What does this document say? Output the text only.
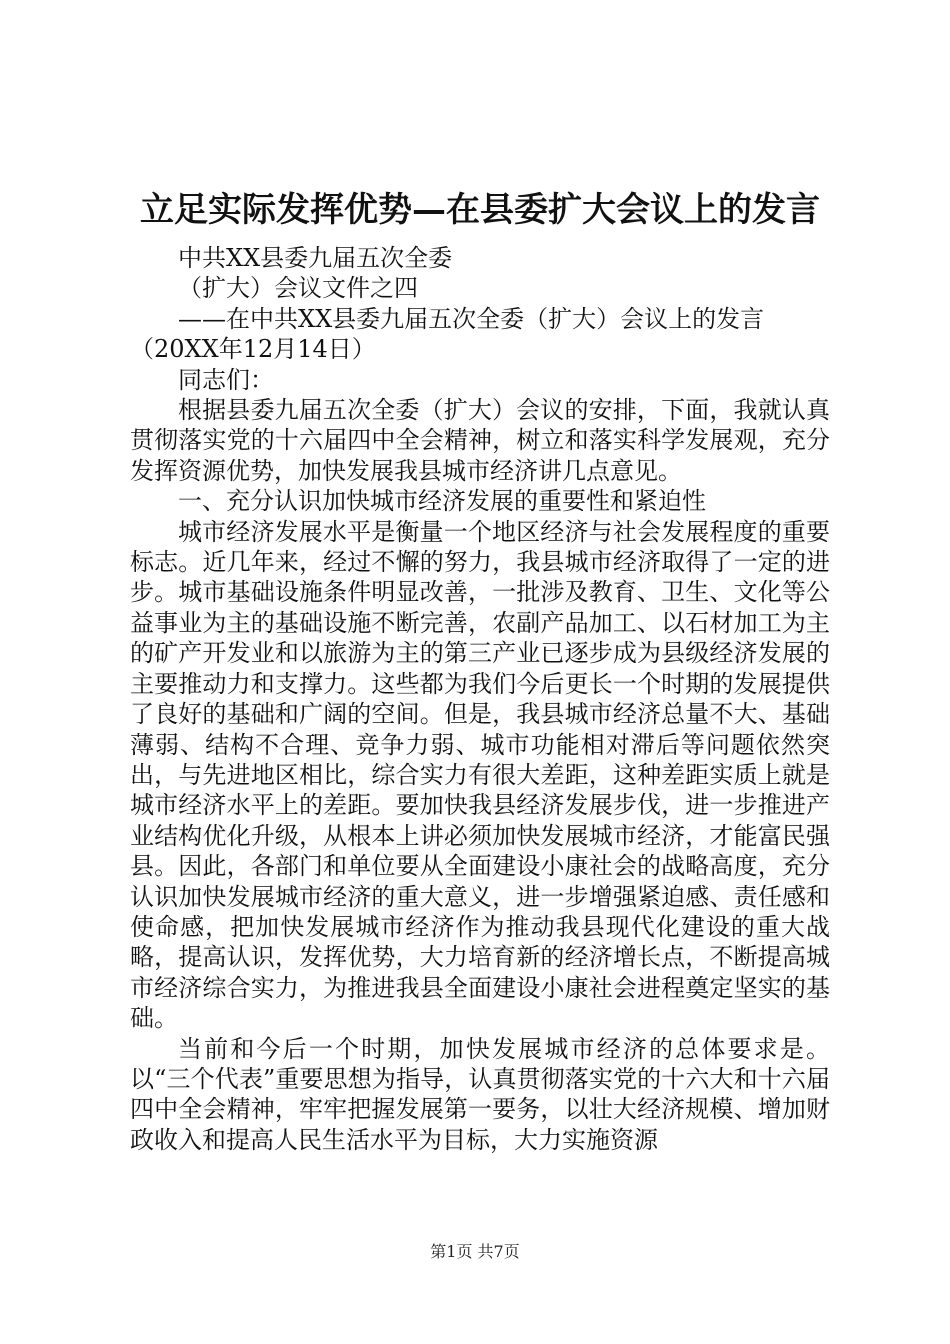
立足实际发挥优势—在县委扩大会议上的发言

中共XX县委九届五次全委

（扩大）会议文件之四

——在中共XX县委九届五次全委（扩大）会议上的发言

（20XX年12月14日）

同志们：

根据县委九届五次全委（扩大）会议的安排，下面，我就认真贯彻落实党的十六届四中全会精神，树立和落实科学发展观，充分发挥资源优势，加快发展我县城市经济讲几点意见。

一、充分认识加快城市经济发展的重要性和紧迫性

城市经济发展水平是衡量一个地区经济与社会发展程度的重要标志。近几年来，经过不懈的努力，我县城市经济取得了一定的进步。城市基础设施条件明显改善，一批涉及教育、卫生、文化等公益事业为主的基础设施不断完善，农副产品加工、以石材加工为主的矿产开发业和以旅游为主的第三产业已逐步成为县级经济发展的主要推动力和支撑力。这些都为我们今后更长一个时期的发展提供了良好的基础和广阔的空间。但是，我县城市经济总量不大、基础薄弱、结构不合理、竞争力弱、城市功能相对滞后等问题依然突出，与先进地区相比，综合实力有很大差距，这种差距实质上就是城市经济水平上的差距。要加快我县经济发展步伐，进一步推进产业结构优化升级，从根本上讲必须加快发展城市经济，才能富民强县。因此，各部门和单位要从全面建设小康社会的战略高度，充分认识加快发展城市经济的重大意义，进一步增强紧迫感、责任感和使命感，把加快发展城市经济作为推动我县现代化建设的重大战略，提高认识，发挥优势，大力培育新的经济增长点，不断提高城市经济综合实力，为推进我县全面建设小康社会进程奠定坚实的基础。

当前和今后一个时期，加快发展城市经济的总体要求是。以“三个代表”重要思想为指导，认真贯彻落实党的十六大和十六届四中全会精神，牢牢把握发展第一要务，以壮大经济规模、增加财政收入和提高人民生活水平为目标，大力实施资源

第1页 共7页
